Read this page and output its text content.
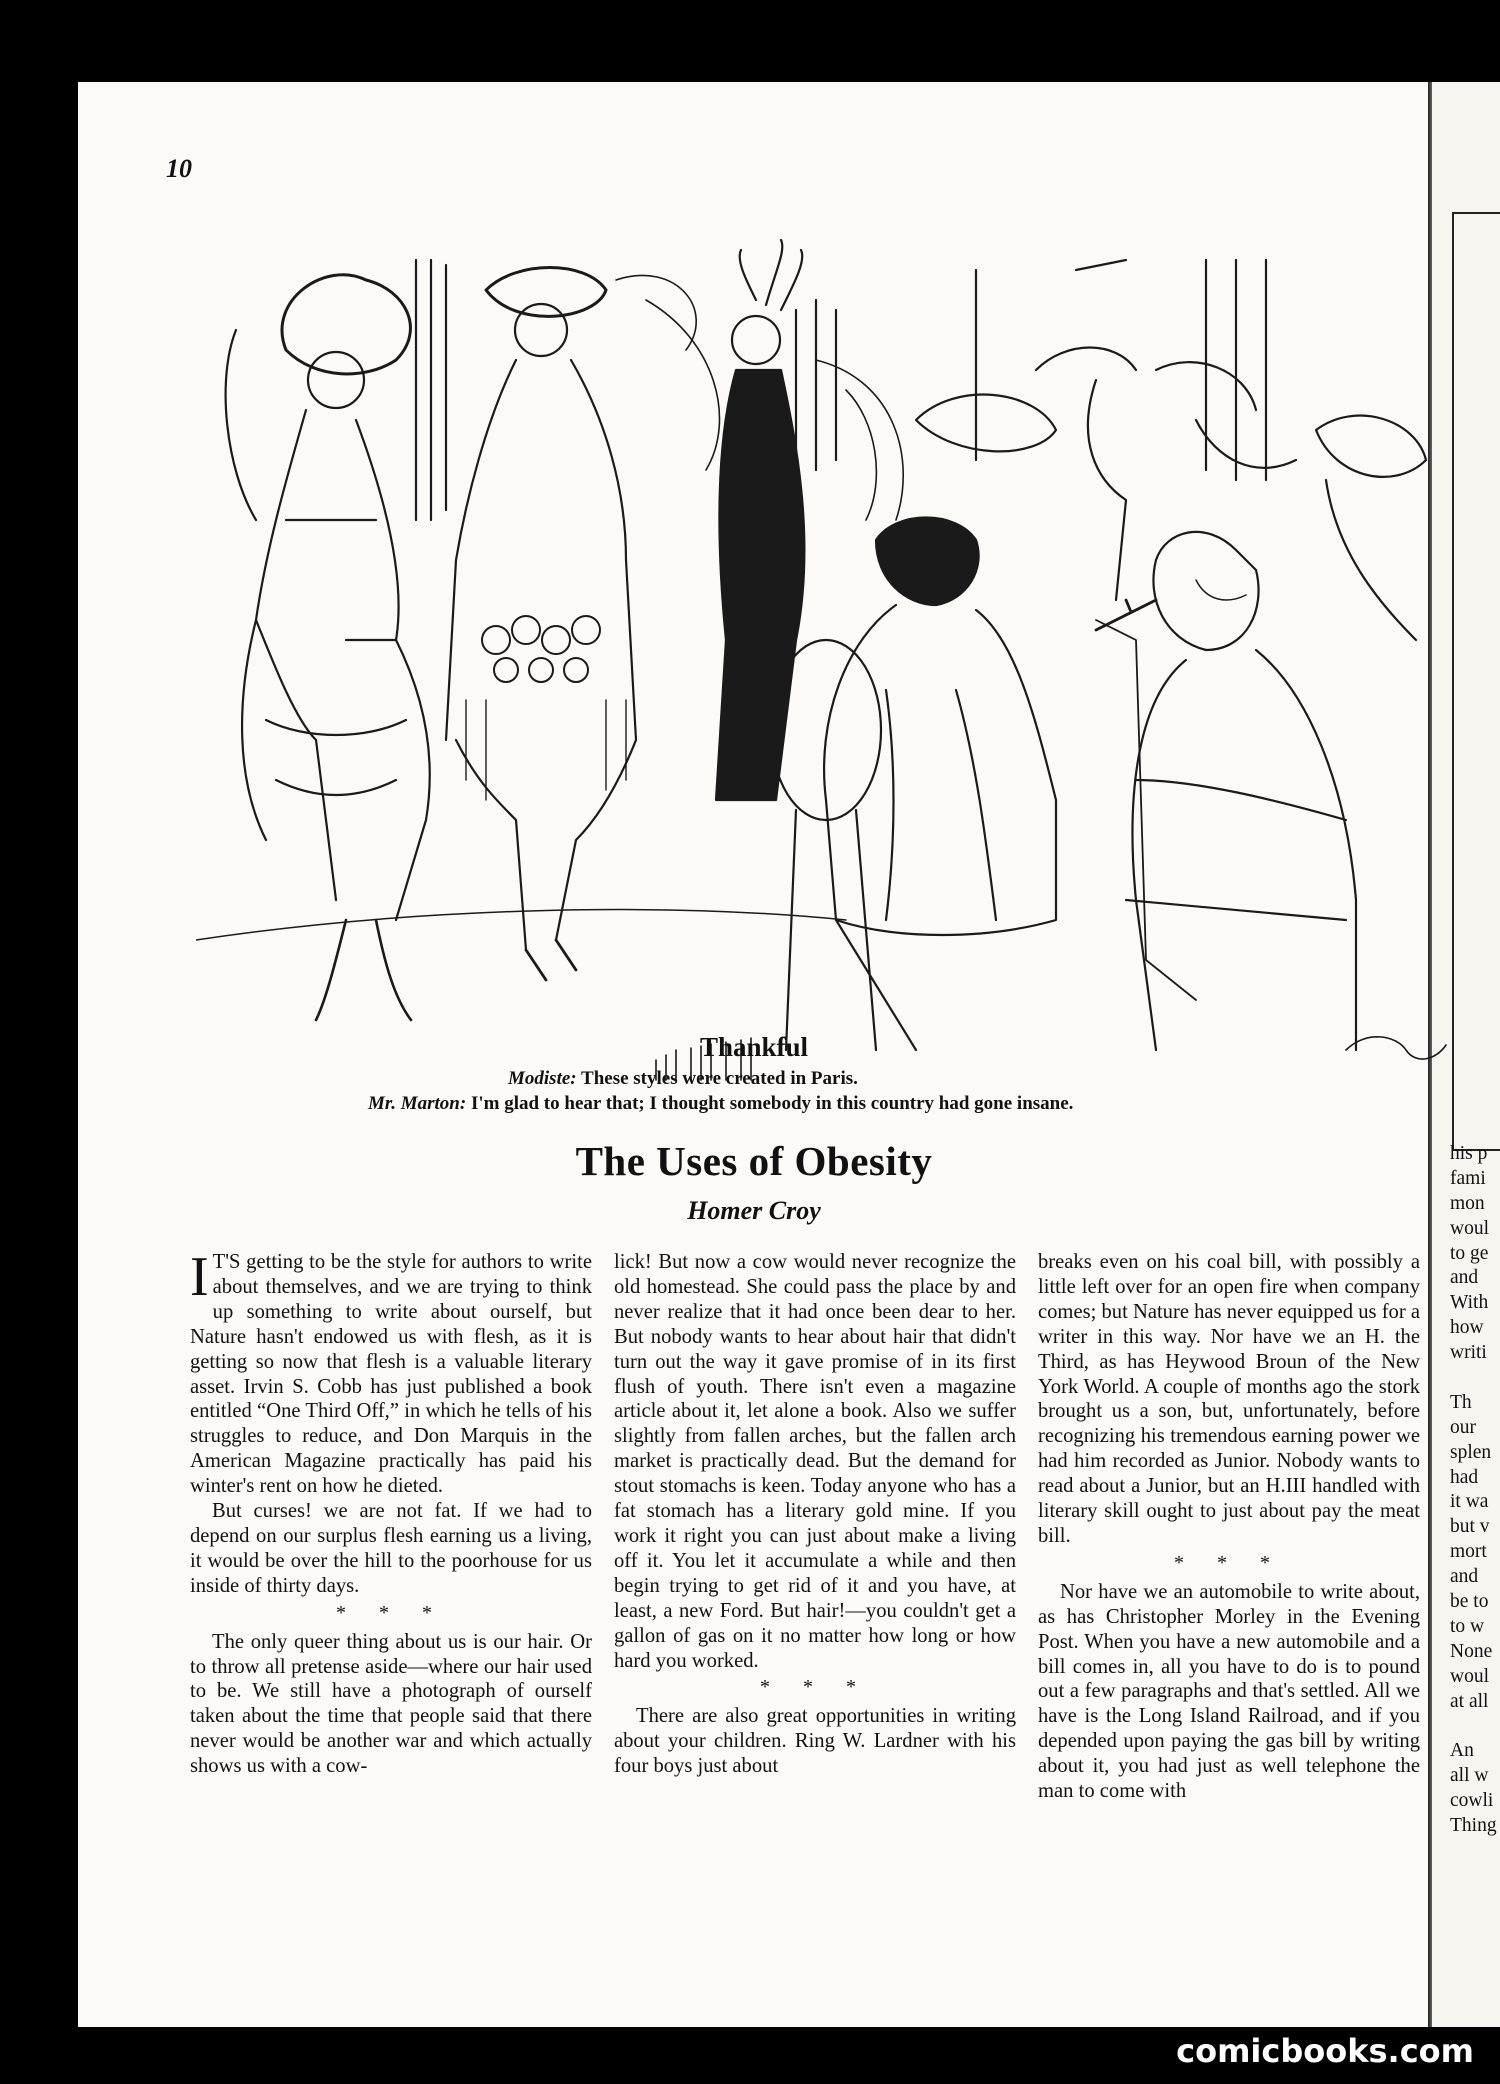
his p
fami
mon
woul
to ge
and
With
how
writi
Th
our
splen
had
it wa
but v
mort
and
be to
to w
None
woul
at all
An
all w
cowli
Thing
10
Thankful
Modiste: These styles were created in Paris.
Mr. Marton: I'm glad to hear that; I thought somebody in this country had gone insane.
The Uses of Obesity
Homer Croy

I T'S getting to be the style for authors to write about themselves, and we are trying to think up something to write about ourself, but Nature hasn't endowed us with flesh, as it is getting so now that flesh is a valuable literary asset. Irvin S. Cobb has just published a book entitled “One Third Off,” in which he tells of his struggles to reduce, and Don Marquis in the American Magazine practically has paid his winter's rent on how he dieted.

But curses! we are not fat. If we had to depend on our surplus flesh earning us a living, it would be over the hill to the poorhouse for us inside of thirty days.

* * *

The only queer thing about us is our hair. Or to throw all pretense aside—where our hair used to be. We still have a photograph of ourself taken about the time that people said that there never would be another war and which actually shows us with a cow-

lick! But now a cow would never recognize the old homestead. She could pass the place by and never realize that it had once been dear to her. But nobody wants to hear about hair that didn't turn out the way it gave promise of in its first flush of youth. There isn't even a magazine article about it, let alone a book. Also we suffer slightly from fallen arches, but the fallen arch market is practically dead. But the demand for stout stomachs is keen. Today anyone who has a fat stomach has a literary gold mine. If you work it right you can just about make a living off it. You let it accumulate a while and then begin trying to get rid of it and you have, at least, a new Ford. But hair!—you couldn't get a gallon of gas on it no matter how long or how hard you worked.

* * *

There are also great opportunities in writing about your children. Ring W. Lardner with his four boys just about

breaks even on his coal bill, with possibly a little left over for an open fire when company comes; but Nature has never equipped us for a writer in this way. Nor have we an H. the Third, as has Heywood Broun of the New York World. A couple of months ago the stork brought us a son, but, unfortunately, before recognizing his tremendous earning power we had him recorded as Junior. Nobody wants to read about a Junior, but an H.III handled with literary skill ought to just about pay the meat bill.

* * *

Nor have we an automobile to write about, as has Christopher Morley in the Evening Post. When you have a new automobile and a bill comes in, all you have to do is to pound out a few paragraphs and that's settled. All we have is the Long Island Railroad, and if you depended upon paying the gas bill by writing about it, you had just as well telephone the man to come with

comicbooks.com
